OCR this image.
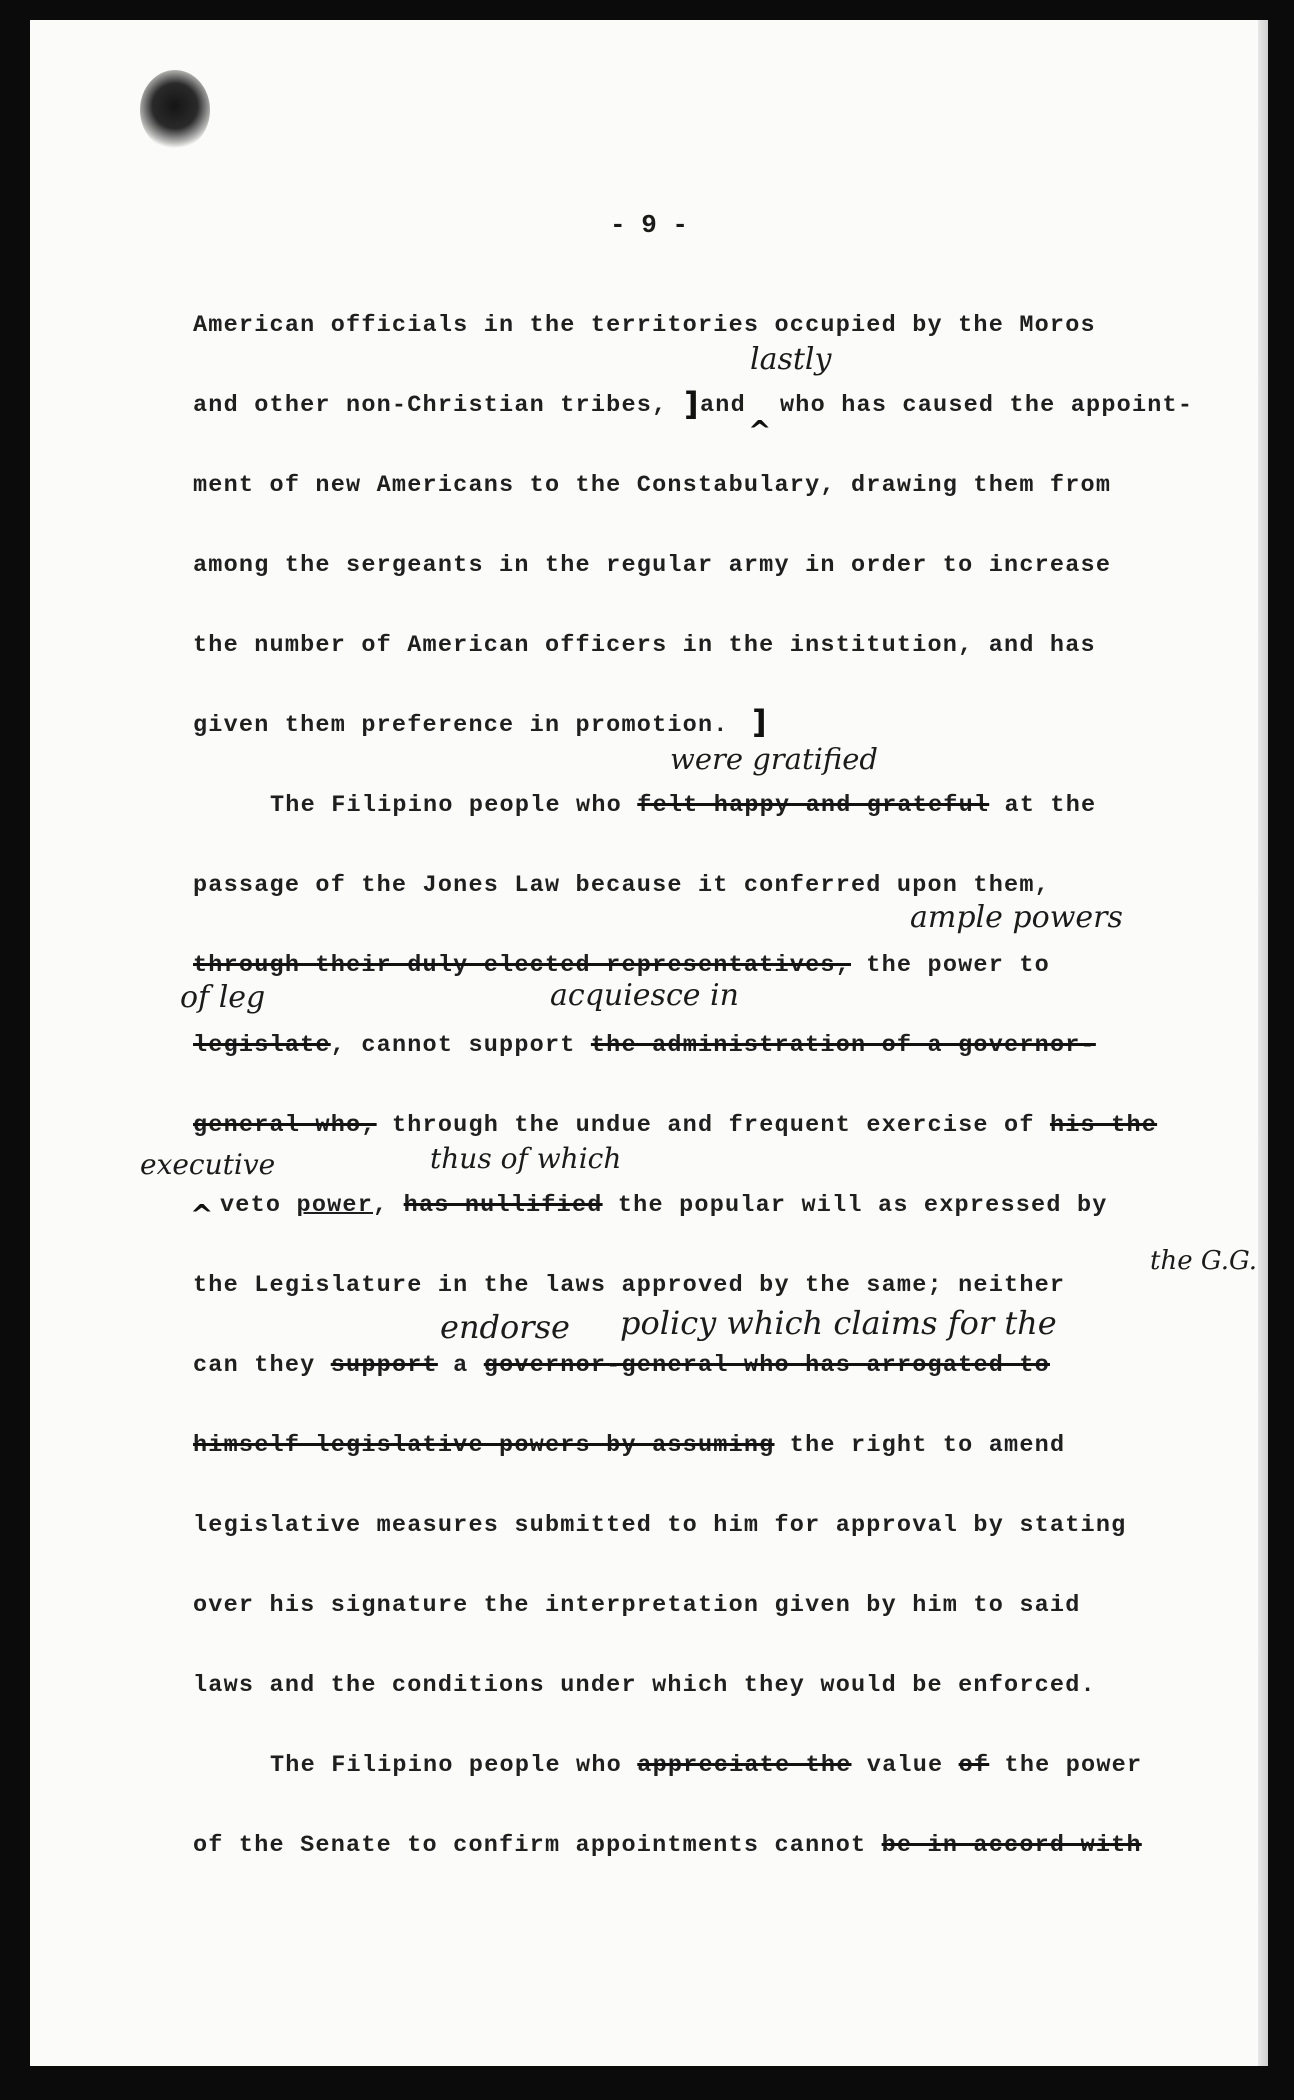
- 9 -
American officials in the territories occupied by the Moros
and other non-Christian tribes, ] and
^
who has caused the appoint-
lastly
ment of new Americans to the Constabulary, drawing them from
among the sergeants in the regular army in order to increase
the number of American officers in the institution, and has
given them preference in promotion. ]
were gratified
The Filipino people who felt happy and grateful at the
passage of the Jones Law because it conferred upon them,
ample powers
through their duly elected representatives, the power to
of leg	acquiesce in
legislate, cannot support the administration of a governor-
general who, through the undue and frequent exercise of his the
executive
^
thus of which
veto power, has nullified the popular will as expressed by
the G.G.
the Legislature in the laws approved by the same; neither
endorse policy which claims for the
can they support a governor-general who has arrogated to
himself legislative powers by assuming the right to amend
legislative measures submitted to him for approval by stating
over his signature the interpretation given by him to said
laws and the conditions under which they would be enforced.
The Filipino people who appreciate the value of the power
of the Senate to confirm appointments cannot be in accord with
